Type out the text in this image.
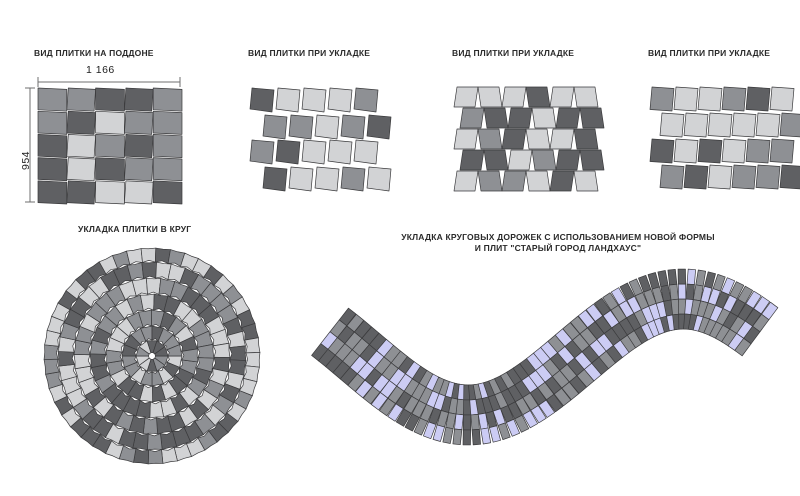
ВИД ПЛИТКИ НА ПОДДОНЕ
1 166
954
ВИД ПЛИТКИ ПРИ УКЛАДКЕ	ВИД ПЛИТКИ ПРИ УКЛАДКЕ	ВИД ПЛИТКИ ПРИ УКЛАДКЕ
УКЛАДКА ПЛИТКИ В КРУГ
УКЛАДКА КРУГОВЫХ ДОРОЖЕК С ИСПОЛЬЗОВАНИЕМ НОВОЙ ФОРМЫ
И ПЛИТ "СТАРЫЙ ГОРОД ЛАНДХАУС"
